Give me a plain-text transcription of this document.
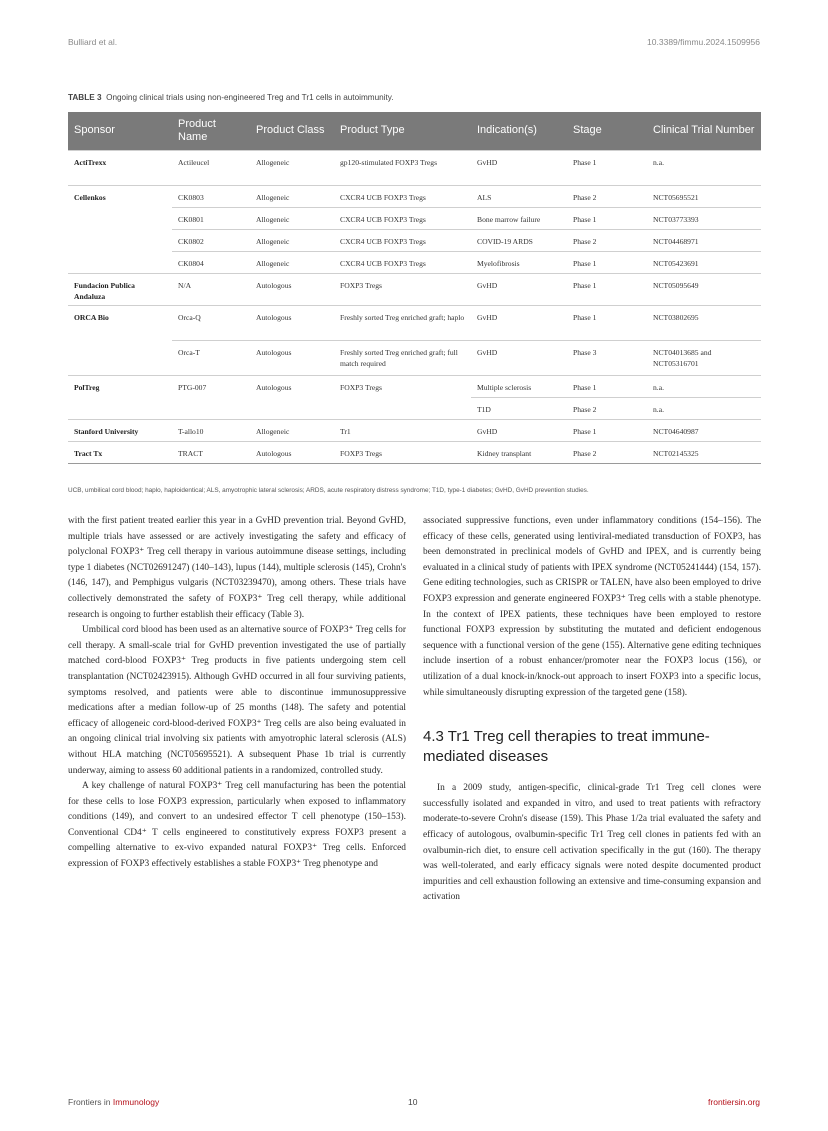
Bulliard et al.	10.3389/fimmu.2024.1509956
TABLE 3 Ongoing clinical trials using non-engineered Treg and Tr1 cells in autoimmunity.
Sponsor	Product Name	Product Class	Product Type	Indication(s)	Stage	Clinical Trial Number
ActiTrexx	Actileucel	Allogeneic	gp120-stimulated FOXP3 Tregs	GvHD	Phase 1	n.a.
Cellenkos	CK0803	Allogeneic	CXCR4 UCB FOXP3 Tregs	ALS	Phase 2	NCT05695521
	CK0801	Allogeneic	CXCR4 UCB FOXP3 Tregs	Bone marrow failure	Phase 1	NCT03773393
	CK0802	Allogeneic	CXCR4 UCB FOXP3 Tregs	COVID-19 ARDS	Phase 2	NCT04468971
	CK0804	Allogeneic	CXCR4 UCB FOXP3 Tregs	Myelofibrosis	Phase 1	NCT05423691
Fundacion Publica Andaluza	N/A	Autologous	FOXP3 Tregs	GvHD	Phase 1	NCT05095649
ORCA Bio	Orca-Q	Autologous	Freshly sorted Treg enriched graft; haplo	GvHD	Phase 1	NCT03802695
	Orca-T	Autologous	Freshly sorted Treg enriched graft; full match required	GvHD	Phase 3	NCT04013685 and NCT05316701
PolTreg	PTG-007	Autologous	FOXP3 Tregs	Multiple sclerosis	Phase 1	n.a.
				T1D	Phase 2	n.a.
Stanford University	T-allo10	Allogeneic	Tr1	GvHD	Phase 1	NCT04640987
Tract Tx	TRACT	Autologous	FOXP3 Tregs	Kidney transplant	Phase 2	NCT02145325
UCB, umbilical cord blood; haplo, haploidentical; ALS, amyotrophic lateral sclerosis; ARDS, acute respiratory distress syndrome; T1D, type-1 diabetes; GvHD, GvHD prevention studies.

with the first patient treated earlier this year in a GvHD prevention trial. Beyond GvHD, multiple trials have assessed or are actively investigating the safety and efficacy of polyclonal FOXP3⁺ Treg cell therapy in various autoimmune disease settings, including type 1 diabetes (NCT02691247) (140–143), lupus (144), multiple sclerosis (145), Crohn's (146, 147), and Pemphigus vulgaris (NCT03239470), among others. These trials have collectively demonstrated the safety of FOXP3⁺ Treg cell therapy, while additional research is ongoing to further establish their efficacy (Table 3).

Umbilical cord blood has been used as an alternative source of FOXP3⁺ Treg cells for cell therapy. A small-scale trial for GvHD prevention investigated the use of partially matched cord-blood FOXP3⁺ Treg products in five patients undergoing stem cell transplantation (NCT02423915). Although GvHD occurred in all four surviving patients, symptoms resolved, and patients were able to discontinue immunosuppressive medications after a median follow-up of 25 months (148). The safety and potential efficacy of allogeneic cord-blood-derived FOXP3⁺ Treg cells are also being evaluated in an ongoing clinical trial involving six patients with amyotrophic lateral sclerosis (ALS) without HLA matching (NCT05695521). A subsequent Phase 1b trial is currently underway, aiming to assess 60 additional patients in a randomized, controlled study.

A key challenge of natural FOXP3⁺ Treg cell manufacturing has been the potential for these cells to lose FOXP3 expression, particularly when exposed to inflammatory conditions (149), and convert to an undesired effector T cell phenotype (150–153). Conventional CD4⁺ T cells engineered to constitutively express FOXP3 present a compelling alternative to ex-vivo expanded natural FOXP3⁺ Treg cells. Enforced expression of FOXP3 effectively establishes a stable FOXP3⁺ Treg phenotype and

associated suppressive functions, even under inflammatory conditions (154–156). The efficacy of these cells, generated using lentiviral-mediated transduction of FOXP3, has been demonstrated in preclinical models of GvHD and IPEX, and is currently being evaluated in a clinical study of patients with IPEX syndrome (NCT05241444) (154, 157). Gene editing technologies, such as CRISPR or TALEN, have also been employed to drive FOXP3 expression and generate engineered FOXP3⁺ Treg cells with a stable phenotype. In the context of IPEX patients, these techniques have been employed to restore functional FOXP3 expression by substituting the mutated and deficient endogenous sequence with a functional version of the gene (155). Alternative gene editing techniques include insertion of a robust enhancer/promoter near the FOXP3 locus (156), or utilization of a dual knock-in/knock-out approach to insert FOXP3 into a specific locus, while simultaneously disrupting expression of the targeted gene (158).

4.3 Tr1 Treg cell therapies to treat immune-mediated diseases

In a 2009 study, antigen-specific, clinical-grade Tr1 Treg cell clones were successfully isolated and expanded in vitro, and used to treat patients with refractory moderate-to-severe Crohn's disease (159). This Phase 1/2a trial evaluated the safety and efficacy of autologous, ovalbumin-specific Tr1 Treg cell clones in patients fed with an ovalbumin-rich diet, to ensure cell activation specifically in the gut (160). The therapy was well-tolerated, and early efficacy signals were noted despite documented product impurities and cell exhaustion following an extensive and time-consuming expansion and activation

Frontiers in Immunology	10	frontiersin.org
